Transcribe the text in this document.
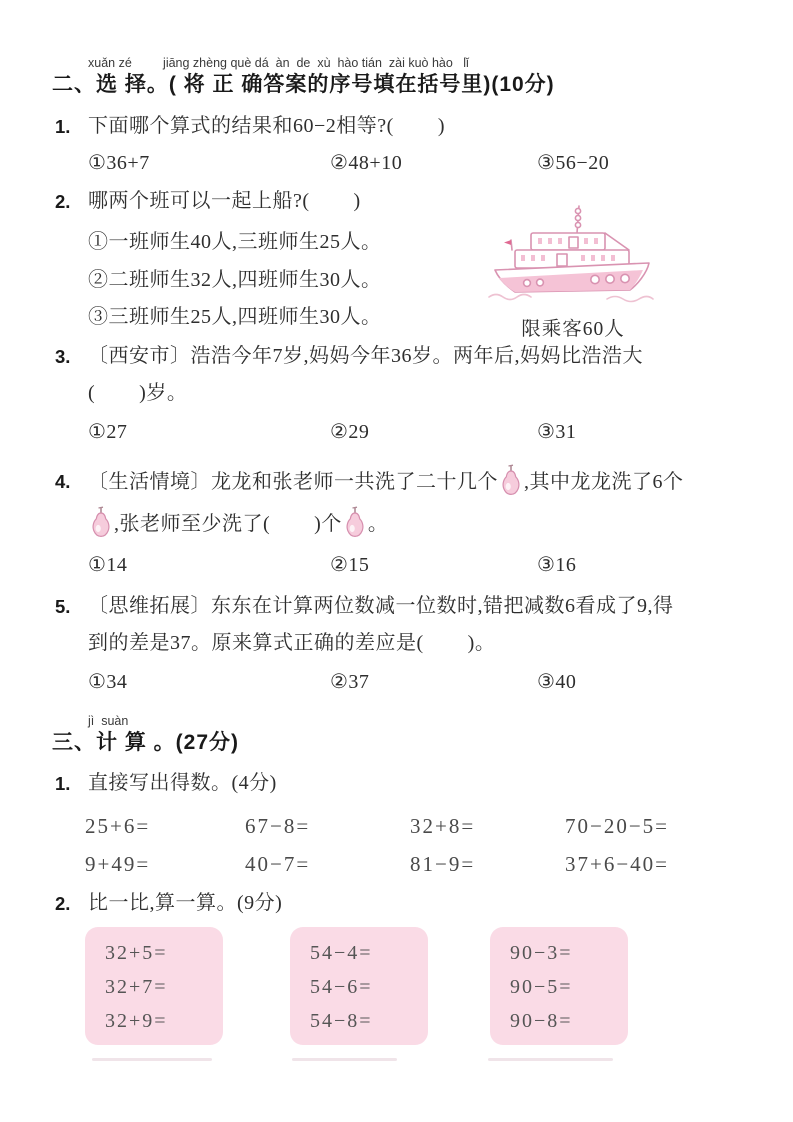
xuǎn zé         jiāng zhèng què dá  àn  de  xù  hào tián  zài kuò hào   lǐ
二、选 择。( 将 正 确答案的序号填在括号里)(10分)
1. 下面哪个算式的结果和60−2相等?(        )
①36+7	②48+10	③56−20
2. 哪两个班可以一起上船?(        )
①一班师生40人,三班师生25人。
②二班师生32人,四班师生30人。
③三班师生25人,四班师生30人。
限乘客60人
3. 〔西安市〕浩浩今年7岁,妈妈今年36岁。两年后,妈妈比浩浩大
(        )岁。
①27	②29	③31
4. 〔生活情境〕龙龙和张老师一共洗了二十几个 ,其中龙龙洗了6个
,张老师至少洗了(        )个 。
①14	②15	③16
5. 〔思维拓展〕东东在计算两位数减一位数时,错把减数6看成了9,得
到的差是37。原来算式正确的差应是(        )。
①34	②37	③40
jì  suàn
三、计 算 。(27分)
1. 直接写出得数。(4分)
25+6=	67−8=	32+8=	70−20−5=
9+49=	40−7=	81−9=	37+6−40=
2. 比一比,算一算。(9分)
32+5=
32+7=
32+9=
54−4=
54−6=
54−8=
90−3=
90−5=
90−8=
